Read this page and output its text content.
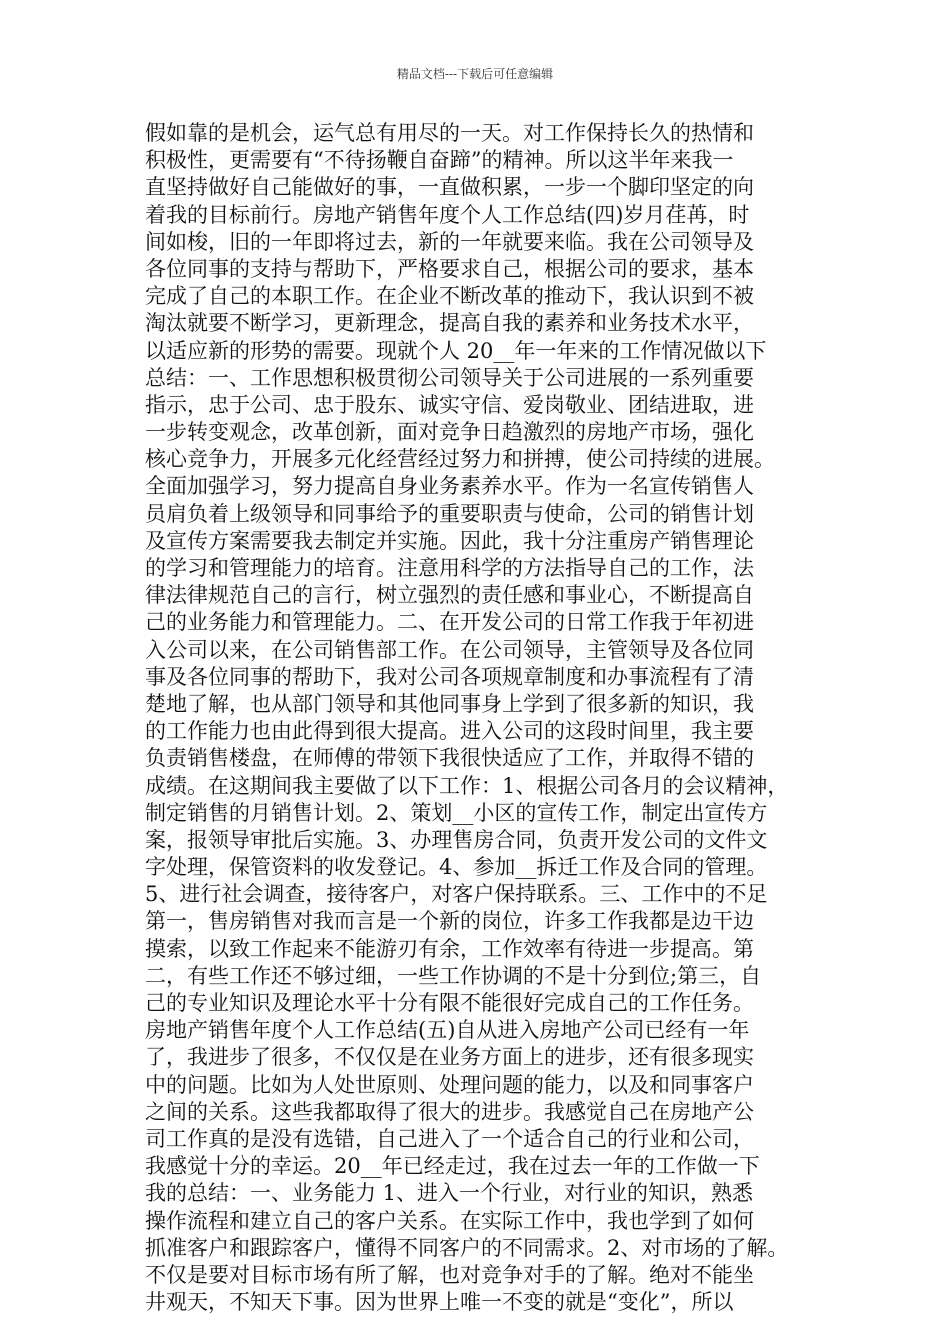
精品文档---下载后可任意编辑
假如靠的是机会，运气总有用尽的一天。对工作保持长久的热情和
积极性，更需要有“不待扬鞭自奋蹄”的精神。所以这半年来我一
直坚持做好自己能做好的事，一直做积累，一步一个脚印坚定的向
着我的目标前行。房地产销售年度个人工作总结(四)岁月荏苒，时
间如梭，旧的一年即将过去，新的一年就要来临。我在公司领导及
各位同事的支持与帮助下，严格要求自己，根据公司的要求，基本
完成了自己的本职工作。在企业不断改革的推动下，我认识到不被
淘汰就要不断学习，更新理念，提高自我的素养和业务技术水平，
以适应新的形势的需要。现就个人 20__年一年来的工作情况做以下
总结：一、工作思想积极贯彻公司领导关于公司进展的一系列重要
指示，忠于公司、忠于股东、诚实守信、爱岗敬业、团结进取，进
一步转变观念，改革创新，面对竞争日趋激烈的房地产市场，强化
核心竞争力，开展多元化经营经过努力和拼搏，使公司持续的进展。
全面加强学习，努力提高自身业务素养水平。作为一名宣传销售人
员肩负着上级领导和同事给予的重要职责与使命，公司的销售计划
及宣传方案需要我去制定并实施。因此，我十分注重房产销售理论
的学习和管理能力的培育。注意用科学的方法指导自己的工作，法
律法律规范自己的言行，树立强烈的责任感和事业心，不断提高自
己的业务能力和管理能力。二、在开发公司的日常工作我于年初进
入公司以来，在公司销售部工作。在公司领导，主管领导及各位同
事及各位同事的帮助下，我对公司各项规章制度和办事流程有了清
楚地了解，也从部门领导和其他同事身上学到了很多新的知识，我
的工作能力也由此得到很大提高。进入公司的这段时间里，我主要
负责销售楼盘，在师傅的带领下我很快适应了工作，并取得不错的
成绩。在这期间我主要做了以下工作：1、根据公司各月的会议精神，
制定销售的月销售计划。2、策划__小区的宣传工作，制定出宣传方
案，报领导审批后实施。3、办理售房合同，负责开发公司的文件文
字处理，保管资料的收发登记。4、参加__拆迁工作及合同的管理。
5、进行社会调查，接待客户，对客户保持联系。三、工作中的不足
第一，售房销售对我而言是一个新的岗位，许多工作我都是边干边
摸索，以致工作起来不能游刃有余，工作效率有待进一步提高。第
二，有些工作还不够过细，一些工作协调的不是十分到位;第三，自
己的专业知识及理论水平十分有限不能很好完成自己的工作任务。
房地产销售年度个人工作总结(五)自从进入房地产公司已经有一年
了，我进步了很多，不仅仅是在业务方面上的进步，还有很多现实
中的问题。比如为人处世原则、处理问题的能力，以及和同事客户
之间的关系。这些我都取得了很大的进步。我感觉自己在房地产公
司工作真的是没有选错，自己进入了一个适合自己的行业和公司，
我感觉十分的幸运。20__年已经走过，我在过去一年的工作做一下
我的总结：一、业务能力 1、进入一个行业，对行业的知识，熟悉
操作流程和建立自己的客户关系。在实际工作中，我也学到了如何
抓准客户和跟踪客户，懂得不同客户的不同需求。2、对市场的了解。
不仅是要对目标市场有所了解，也对竞争对手的了解。绝对不能坐
井观天，不知天下事。因为世界上唯一不变的就是“变化”，所以
